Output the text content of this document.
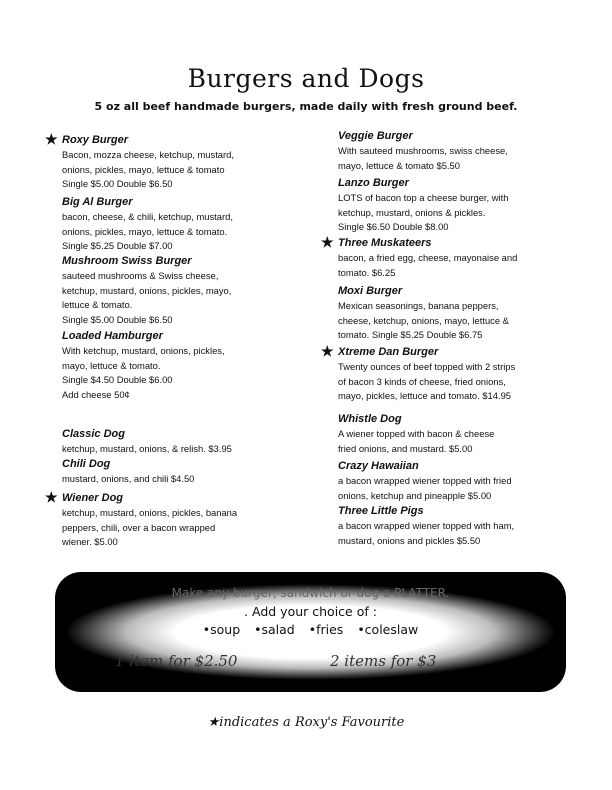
Burgers and Dogs
5 oz all beef handmade burgers, made daily with fresh ground beef.
★ Roxy Burger
Bacon, mozza cheese, ketchup, mustard,
onions, pickles, mayo, lettuce & tomato
Single $5.00 Double $6.50
Big Al Burger
bacon, cheese, & chili, ketchup, mustard,
onions, pickles, mayo, lettuce & tomato.
Single $5.25 Double $7.00
Mushroom Swiss Burger
sauteed mushrooms & Swiss cheese,
ketchup, mustard, onions, pickles, mayo,
lettuce & tomato.
Single $5.00 Double $6.50
Loaded Hamburger
With ketchup, mustard, onions, pickles,
mayo, lettuce & tomato.
Single $4.50 Double $6.00
Add cheese 50¢
Classic Dog
ketchup, mustard, onions, & relish. $3.95
Chili Dog
mustard, onions, and chili $4.50
★ Wiener Dog
ketchup, mustard, onions, pickles, banana
peppers, chili, over a bacon wrapped
wiener. $5.00
Veggie Burger
With sauteed mushrooms, swiss cheese,
mayo, lettuce & tomato $5.50
Lanzo Burger
LOTS of bacon top a cheese burger, with
ketchup, mustard, onions & pickles.
Single $6.50 Double $8.00
★ Three Muskateers
bacon, a fried egg, cheese, mayonaise and
tomato. $6.25
Moxi Burger
Mexican seasonings, banana peppers,
cheese, ketchup, onions, mayo, lettuce &
tomato. Single $5.25 Double $6.75
★ Xtreme Dan Burger
Twenty ounces of beef topped with 2 strips
of bacon 3 kinds of cheese, fried onions,
mayo, pickles, lettuce and tomato. $14.95
Whistle Dog
A wiener topped with bacon & cheese
fried onions, and mustard. $5.00
Crazy Hawaiian
a bacon wrapped wiener topped with fried
onions, ketchup and pineapple $5.00
Three Little Pigs
a bacon wrapped wiener topped with ham,
mustard, onions and pickles $5.50
Make any burger, sandwich or dog a PLATTER.
. Add your choice of :
•soup •salad •fries •coleslaw
1 item for $2.50	2 items for $3
★indicates a Roxy's Favourite
